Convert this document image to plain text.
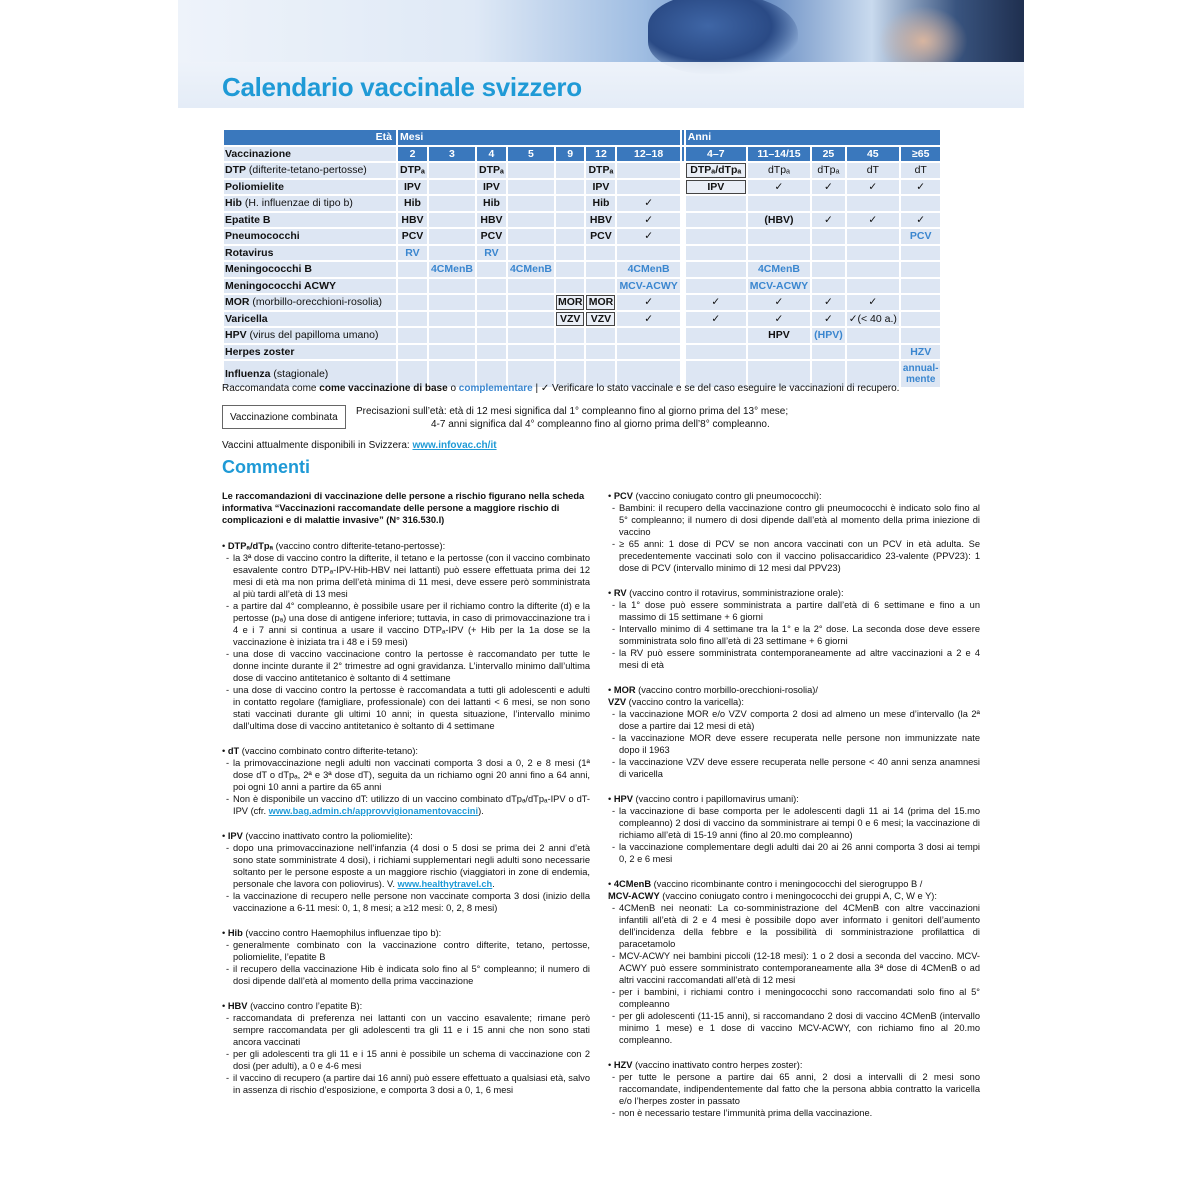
Calendario vaccinale svizzero
Età	Mesi								Anni				
Vaccinazione	2	3	4	5	9	12	12–18		4–7	11–14/15	25	45	≥65
DTP (difterite-tetano-pertosse)	DTPₐ		DTPₐ			DTPₐ			DTPₐ/dTpₐ	dTpₐ	dTpₐ	dT	dT
Poliomielite	IPV		IPV			IPV			IPV	✓	✓	✓	✓
Hib (H. influenzae di tipo b)	Hib		Hib			Hib	✓						
Epatite B	HBV		HBV			HBV	✓			(HBV)	✓	✓	✓
Pneumococchi	PCV		PCV			PCV	✓						PCV
Rotavirus	RV		RV										
Meningococchi B		4CMenB		4CMenB			4CMenB			4CMenB			
Meningococchi ACWY							MCV-ACWY			MCV-ACWY			
MOR (morbillo-orecchioni-rosolia)					MOR	MOR	✓		✓	✓	✓	✓	
Varicella					VZV	VZV	✓		✓	✓	✓	✓(< 40 a.)	
HPV (virus del papilloma umano)										HPV	(HPV)		
Herpes zoster													HZV
Influenza (stagionale)													annual-
mente
Raccomandata come come vaccinazione di base o complementare | ✓ Verificare lo stato vaccinale e se del caso eseguire le vaccinazioni di recupero.
Vaccinazione combinata
Precisazioni sull’età: età di 12 mesi significa dal 1° compleanno fino al giorno prima del 13° mese;
4-7 anni significa dal 4° compleanno fino al giorno prima dell’8° compleanno.
Vaccini attualmente disponibili in Svizzera: www.infovac.ch/it
Commenti
Le raccomandazioni di vaccinazione delle persone a rischio figurano nella scheda informativa “Vaccinazioni raccomandate delle persone a maggiore rischio di complicazioni e di malattie invasive” (N° 316.530.I)
• DTPₐ/dTpₐ (vaccino contro difterite-tetano-pertosse):
- la 3ª dose di vaccino contro la difterite, il tetano e la pertosse (con il vaccino combinato esavalente contro DTPₐ-IPV-Hib-HBV nei lattanti) può essere effettuata prima dei 12 mesi di età ma non prima dell’età minima di 11 mesi, deve essere però somministrata al più tardi all’età di 13 mesi
- a partire dal 4° compleanno, è possibile usare per il richiamo contro la difterite (d) e la pertosse (pₐ) una dose di antigene inferiore; tuttavia, in caso di primovaccinazione tra i 4 e i 7 anni si continua a usare il vaccino DTPₐ-IPV (+ Hib per la 1a dose se la vaccinazione è iniziata tra i 48 e i 59 mesi)
- una dose di vaccino vaccinacione contro la pertosse è raccomandato per tutte le donne incinte durante il 2° trimestre ad ogni gravidanza. L’intervallo minimo dall’ultima dose di vaccino antitetanico è soltanto di 4 settimane
- una dose di vaccino contro la pertosse è raccomandata a tutti gli adolescenti e adulti in contatto regolare (famigliare, professionale) con dei lattanti < 6 mesi, se non sono stati vaccinati durante gli ultimi 10 anni; in questa situazione, l’intervallo minimo dall’ultima dose di vaccino antitetanico è soltanto di 4 settimane
• dT (vaccino combinato contro difterite-tetano):
- la primovaccinazione negli adulti non vaccinati comporta 3 dosi a 0, 2 e 8 mesi (1ª dose dT o dTpₐ, 2ª e 3ª dose dT), seguita da un richiamo ogni 20 anni fino a 64 anni, poi ogni 10 anni a partire da 65 anni
- Non è disponibile un vaccino dT: utilizzo di un vaccino combinato dTpₐ/dTpₐ-IPV o dT-IPV (cfr. www.bag.admin.ch/approvvigionamentovaccini).
• IPV (vaccino inattivato contro la poliomielite):
- dopo una primovaccinazione nell’infanzia (4 dosi o 5 dosi se prima dei 2 anni d’età sono state somministrate 4 dosi), i richiami supplementari negli adulti sono necessarie soltanto per le persone esposte a un maggiore rischio (viaggiatori in zone di endemia, personale che lavora con poliovirus). V. www.healthytravel.ch.
- la vaccinazione di recupero nelle persone non vaccinate comporta 3 dosi (inizio della vaccinazione a 6-11 mesi: 0, 1, 8 mesi; a ≥12 mesi: 0, 2, 8 mesi)
• Hib (vaccino contro Haemophilus influenzae tipo b):
- generalmente combinato con la vaccinazione contro difterite, tetano, pertosse, poliomielite, l’epatite B
- il recupero della vaccinazione Hib è indicata solo fino al 5° compleanno; il numero di dosi dipende dall’età al momento della prima vaccinazione
• HBV (vaccino contro l’epatite B):
- raccomandata di preferenza nei lattanti con un vaccino esavalente; rimane però sempre raccomandata per gli adolescenti tra gli 11 e i 15 anni che non sono stati ancora vaccinati
- per gli adolescenti tra gli 11 e i 15 anni è possibile un schema di vaccinazione con 2 dosi (per adulti), a 0 e 4-6 mesi
- il vaccino di recupero (a partire dai 16 anni) può essere effettuato a qualsiasi età, salvo in assenza di rischio d’esposizione, e comporta 3 dosi a 0, 1, 6 mesi
• PCV (vaccino coniugato contro gli pneumococchi):
- Bambini: il recupero della vaccinazione contro gli pneumococchi è indicato solo fino al 5° compleanno; il numero di dosi dipende dall’età al momento della prima iniezione di vaccino
- ≥ 65 anni: 1 dose di PCV se non ancora vaccinati con un PCV in età adulta. Se precedentemente vaccinati solo con il vaccino polisaccaridico 23-valente (PPV23): 1 dose di PCV (intervallo minimo di 12 mesi dal PPV23)
• RV (vaccino contro il rotavirus, somministrazione orale):
- la 1° dose può essere somministrata a partire dall’età di 6 settimane e fino a un massimo di 15 settimane + 6 giorni
- Intervallo minimo di 4 settimane tra la 1° e la 2° dose. La seconda dose deve essere somministrata solo fino all’età di 23 settimane + 6 giorni
- la RV può essere somministrata contemporaneamente ad altre vaccinazioni a 2 e 4 mesi di età
• MOR (vaccino contro morbillo-orecchioni-rosolia)/
VZV (vaccino contro la varicella):
- la vaccinazione MOR e/o VZV comporta 2 dosi ad almeno un mese d’intervallo (la 2ª dose a partire dai 12 mesi di età)
- la vaccinazione MOR deve essere recuperata nelle persone non immunizzate nate dopo il 1963
- la vaccinazione VZV deve essere recuperata nelle persone < 40 anni senza anamnesi di varicella
• HPV (vaccino contro i papillomavirus umani):
- la vaccinazione di base comporta per le adolescenti dagli 11 ai 14 (prima del 15.mo compleanno) 2 dosi di vaccino da somministrare ai tempi 0 e 6 mesi; la vaccinazione di richiamo all’età di 15-19 anni (fino al 20.mo compleanno)
- la vaccinazione complementare degli adulti dai 20 ai 26 anni comporta 3 dosi ai tempi 0, 2 e 6 mesi
• 4CMenB (vaccino ricombinante contro i meningococchi del sierogruppo B /
MCV-ACWY (vaccino coniugato contro i meningococchi dei gruppi A, C, W e Y):
- 4CMenB nei neonati: La co-somministrazione del 4CMenB con altre vaccinazioni infantili all’età di 2 e 4 mesi è possibile dopo aver informato i genitori dell’aumento dell’incidenza della febbre e la possibilità di somministrazione profilattica di paracetamolo
- MCV-ACWY nei bambini piccoli (12-18 mesi): 1 o 2 dosi a seconda del vaccino. MCV-ACWY può essere somministrato contemporaneamente alla 3ª dose di 4CMenB o ad altri vaccini raccomandati all’età di 12 mesi
- per i bambini, i richiami contro i meningococchi sono raccomandati solo fino al 5° compleanno
- per gli adolescenti (11-15 anni), si raccomandano 2 dosi di vaccino 4CMenB (intervallo minimo 1 mese) e 1 dose di vaccino MCV-ACWY, con richiamo fino al 20.mo compleanno.
• HZV (vaccino inattivato contro herpes zoster):
- per tutte le persone a partire dai 65 anni, 2 dosi a intervalli di 2 mesi sono raccomandate, indipendentemente dal fatto che la persona abbia contratto la varicella e/o l’herpes zoster in passato
- non è necessario testare l’immunità prima della vaccinazione.
